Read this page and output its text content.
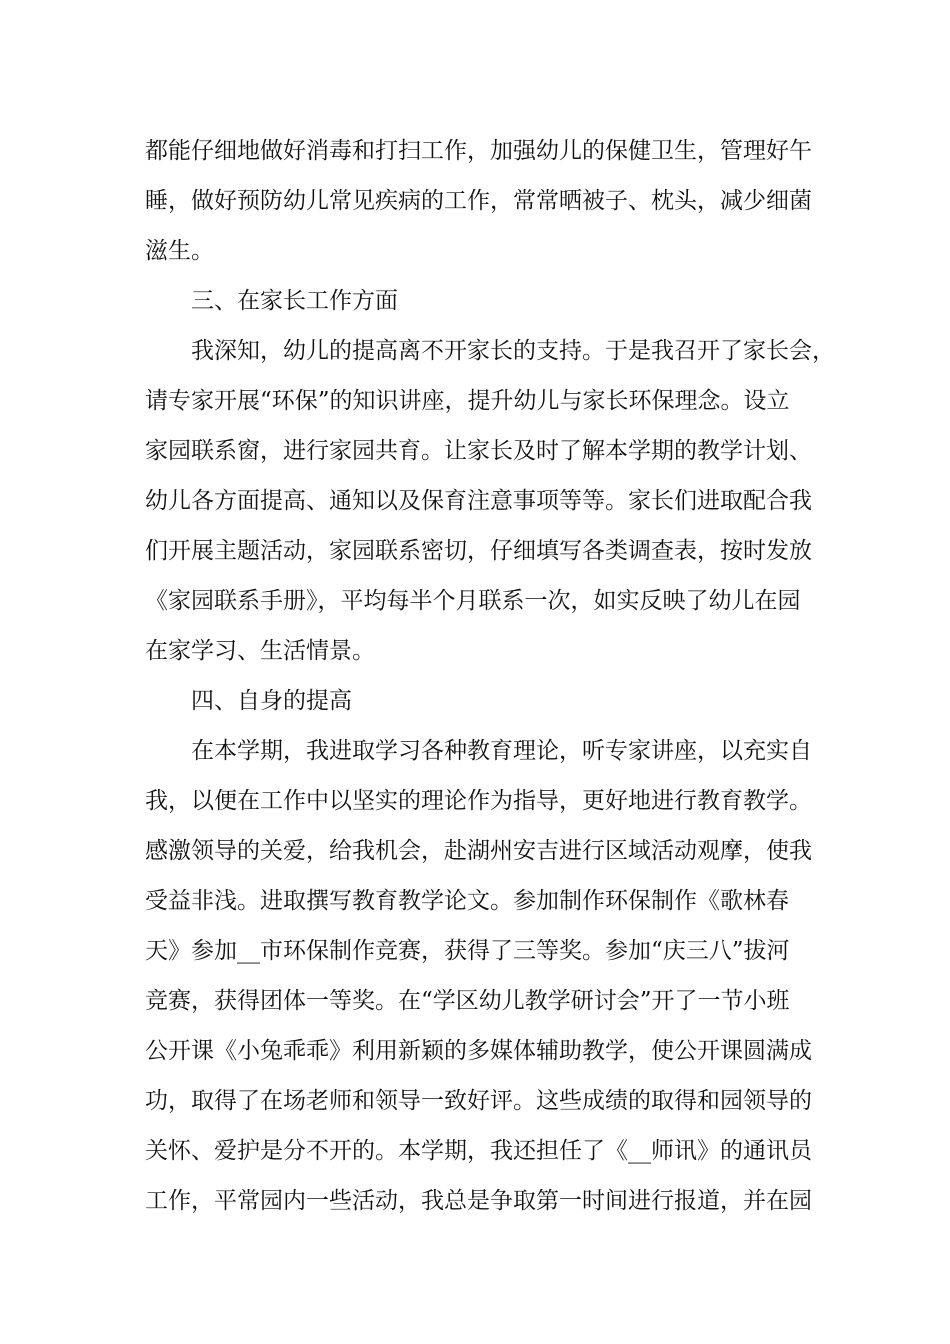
都能仔细地做好消毒和打扫工作，加强幼儿的保健卫生，管理好午
睡，做好预防幼儿常见疾病的工作，常常晒被子、枕头，减少细菌
滋生。
三、在家长工作方面
我深知，幼儿的提高离不开家长的支持。于是我召开了家长会，
请专家开展“环保”的知识讲座，提升幼儿与家长环保理念。设立
家园联系窗，进行家园共育。让家长及时了解本学期的教学计划、
幼儿各方面提高、通知以及保育注意事项等等。家长们进取配合我
们开展主题活动，家园联系密切，仔细填写各类调查表，按时发放
《家园联系手册》，平均每半个月联系一次，如实反映了幼儿在园
在家学习、生活情景。
四、自身的提高
在本学期，我进取学习各种教育理论，听专家讲座，以充实自
我，以便在工作中以坚实的理论作为指导，更好地进行教育教学。
感激领导的关爱，给我机会，赴湖州安吉进行区域活动观摩，使我
受益非浅。进取撰写教育教学论文。参加制作环保制作《歌林春
天》参加__市环保制作竞赛，获得了三等奖。参加“庆三八”拔河
竞赛，获得团体一等奖。在“学区幼儿教学研讨会”开了一节小班
公开课《小兔乖乖》利用新颖的多媒体辅助教学，使公开课圆满成
功，取得了在场老师和领导一致好评。这些成绩的取得和园领导的
关怀、爱护是分不开的。本学期，我还担任了《__师讯》的通讯员
工作，平常园内一些活动，我总是争取第一时间进行报道，并在园
